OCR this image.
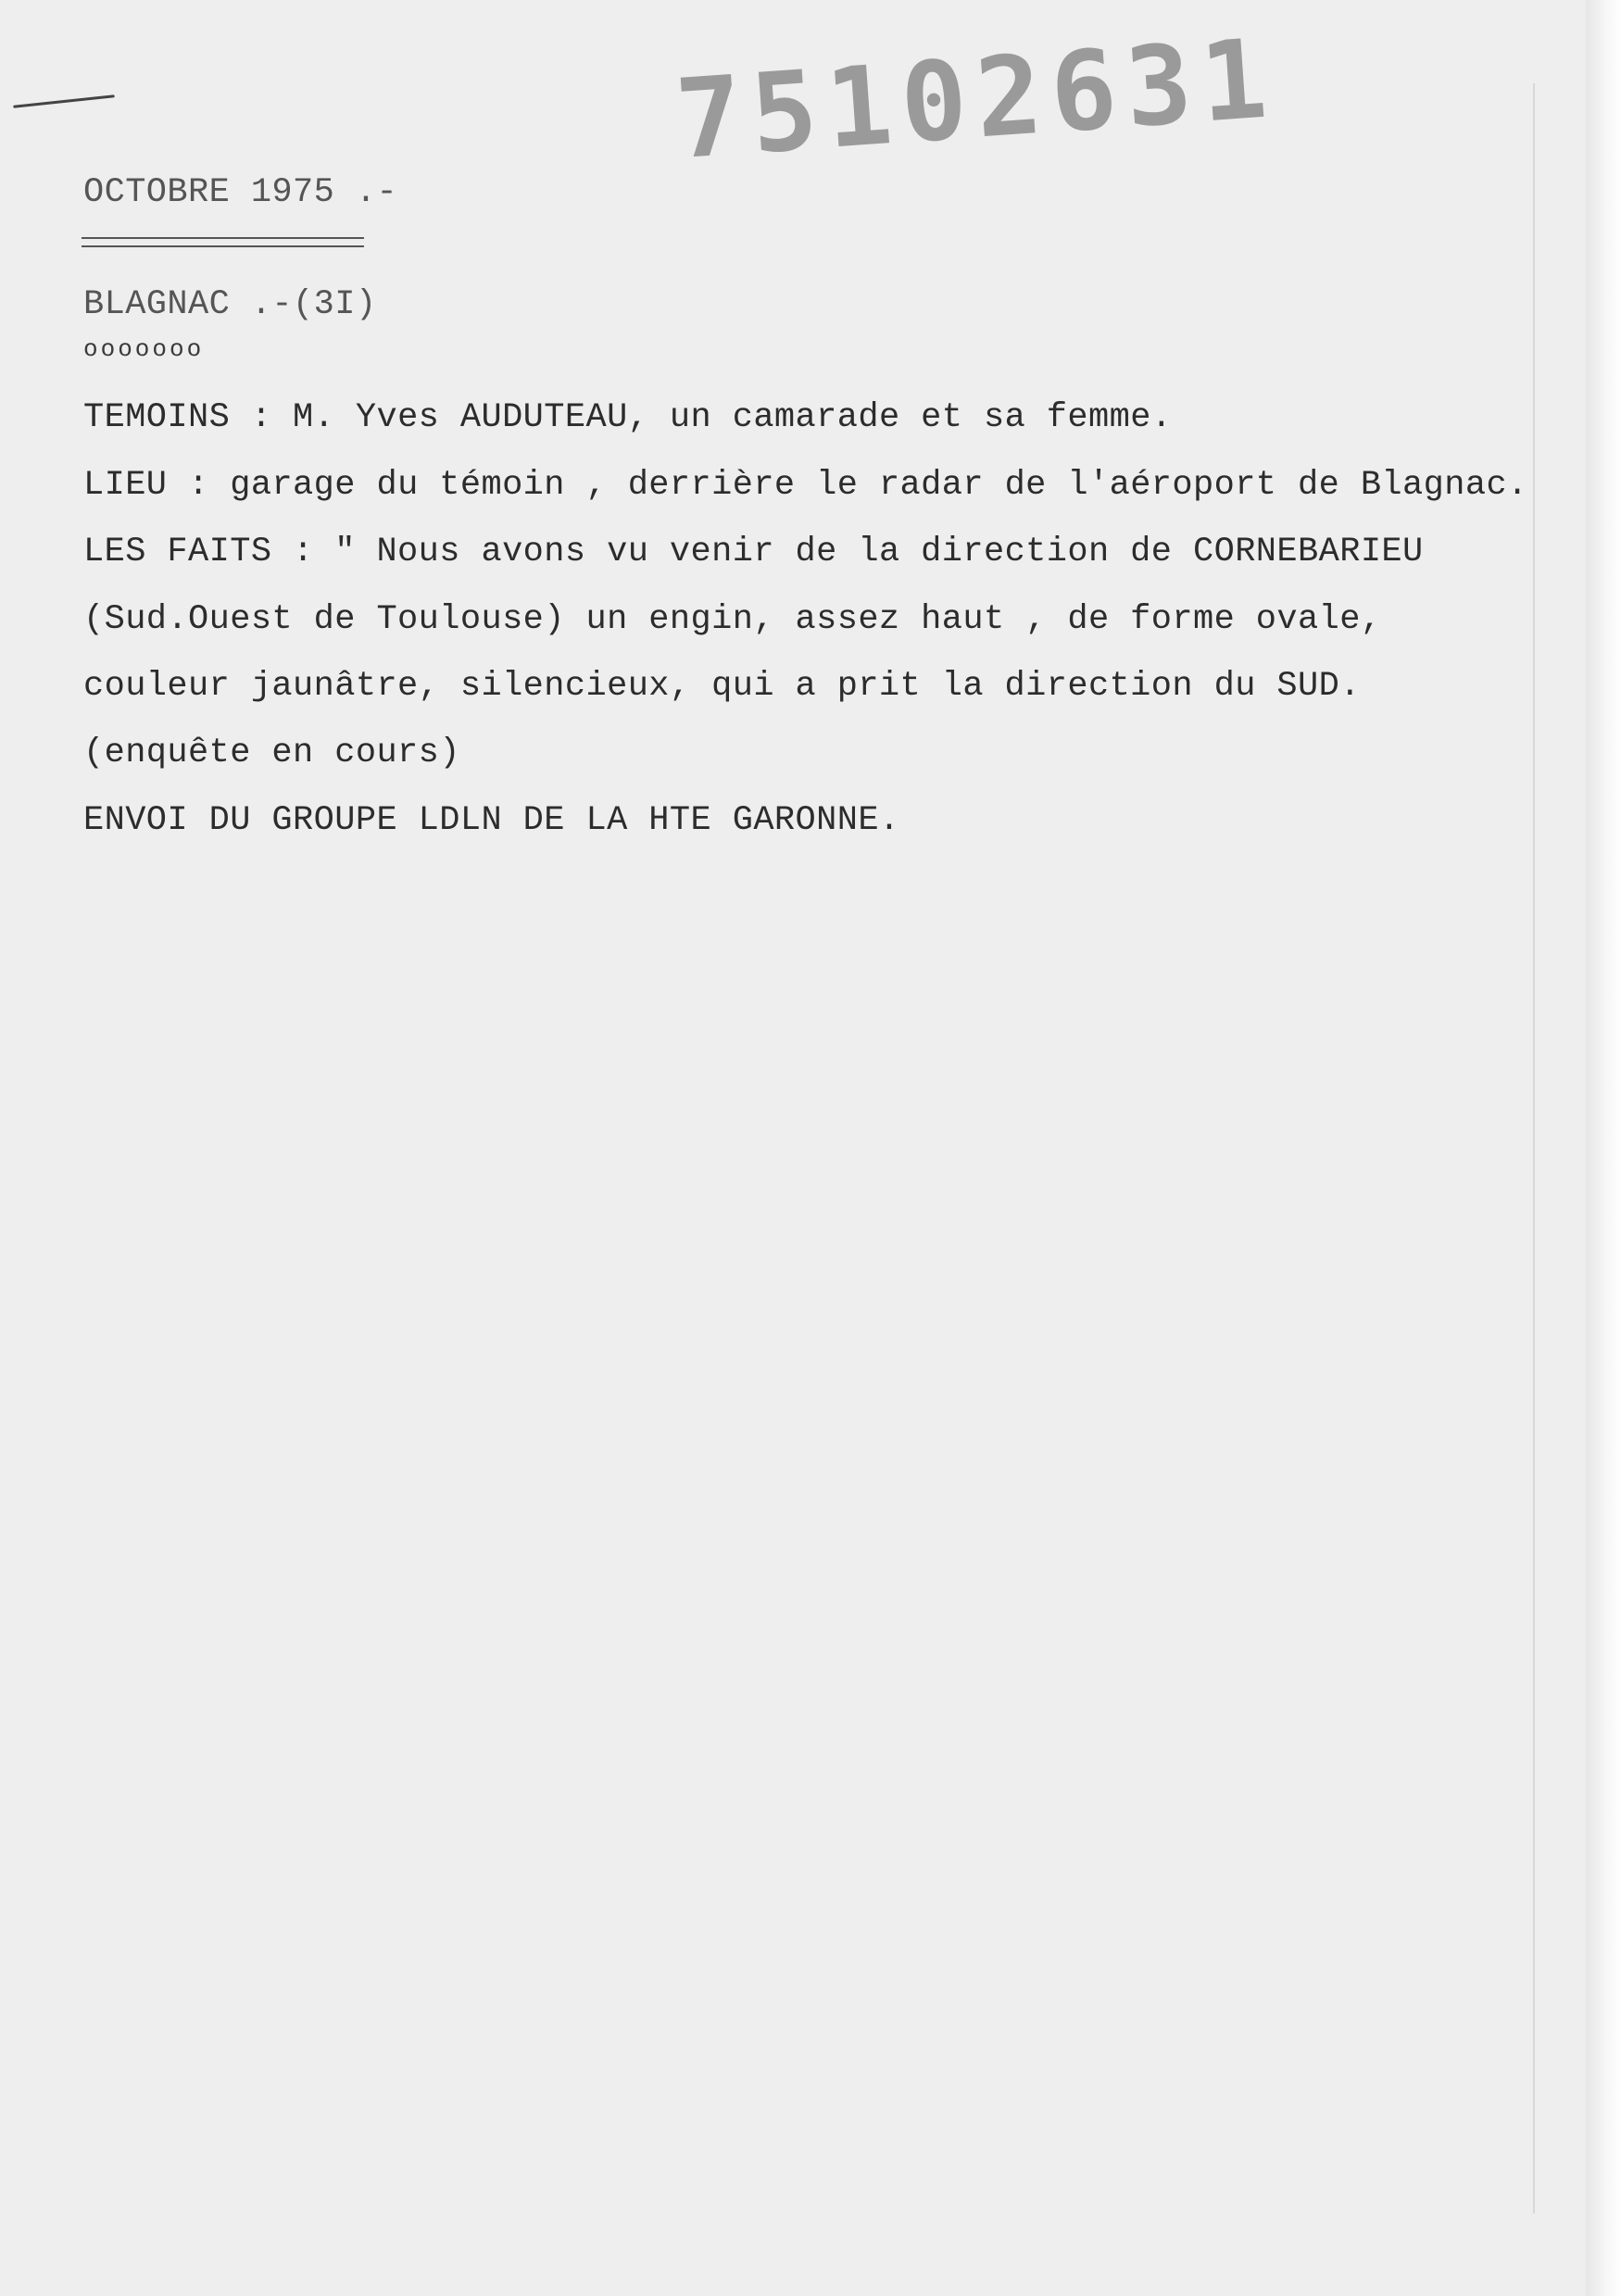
75102631
OCTOBRE 1975 .-
BLAGNAC .-(3I)
ooooooo
TEMOINS : M. Yves AUDUTEAU, un camarade et sa femme.
LIEU : garage du témoin , derrière le radar de l'aéroport de Blagnac.
LES FAITS : " Nous avons vu venir de la direction de CORNEBARIEU
(Sud.Ouest de Toulouse) un engin, assez haut , de forme ovale,
couleur jaunâtre, silencieux, qui a prit la direction du SUD.
(enquête en cours)
ENVOI DU GROUPE LDLN DE LA HTE GARONNE.
